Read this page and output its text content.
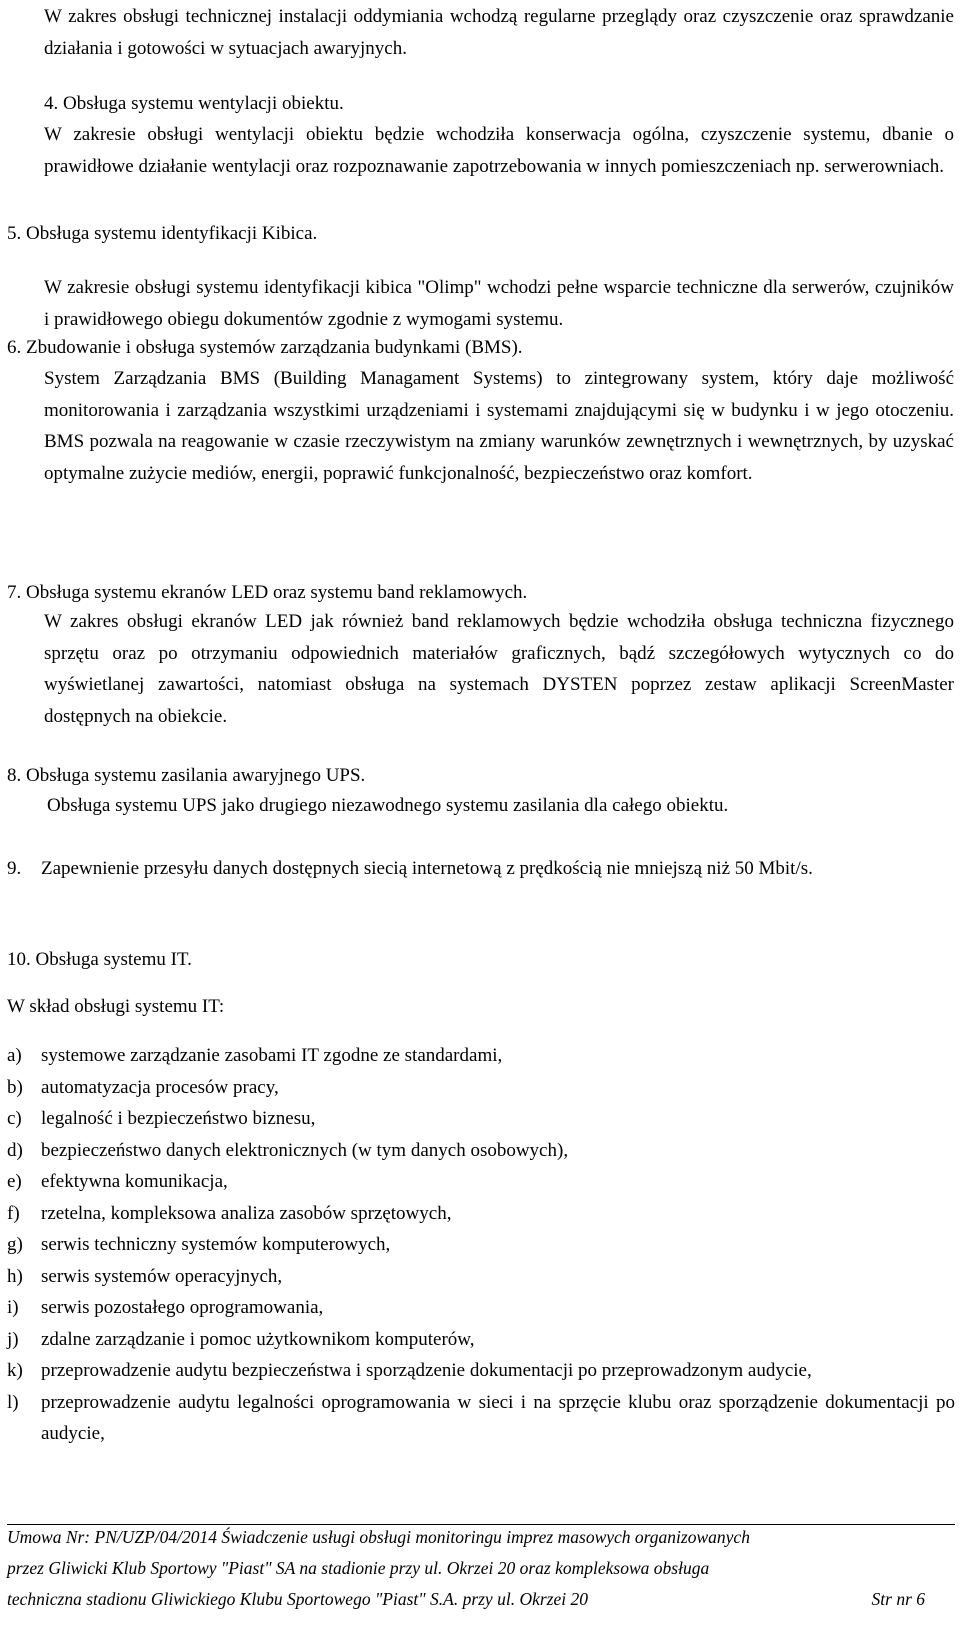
W zakres obsługi technicznej instalacji oddymiania wchodzą regularne przeglądy oraz czyszczenie oraz sprawdzanie działania i gotowości w sytuacjach awaryjnych.
4. Obsługa systemu wentylacji obiektu.
W zakresie obsługi wentylacji obiektu będzie wchodziła konserwacja ogólna, czyszczenie systemu, dbanie o prawidłowe działanie wentylacji oraz rozpoznawanie zapotrzebowania w innych pomieszczeniach np. serwerowniach.
5. Obsługa systemu identyfikacji Kibica.
W zakresie obsługi systemu identyfikacji kibica "Olimp" wchodzi pełne wsparcie techniczne dla serwerów, czujników i prawidłowego obiegu dokumentów zgodnie z wymogami systemu.
6. Zbudowanie i obsługa systemów zarządzania budynkami (BMS).
System Zarządzania BMS (Building Managament Systems) to zintegrowany system, który daje możliwość monitorowania i zarządzania wszystkimi urządzeniami i systemami znajdującymi się w budynku i w jego otoczeniu. BMS pozwala na reagowanie w czasie rzeczywistym na zmiany warunków zewnętrznych i wewnętrznych, by uzyskać optymalne zużycie mediów, energii, poprawić funkcjonalność, bezpieczeństwo oraz komfort.
7. Obsługa systemu ekranów LED oraz systemu band reklamowych.
W zakres obsługi ekranów LED jak również band reklamowych będzie wchodziła obsługa techniczna fizycznego sprzętu oraz po otrzymaniu odpowiednich materiałów graficznych, bądź szczegółowych wytycznych co do wyświetlanej zawartości, natomiast obsługa na systemach DYSTEN poprzez zestaw aplikacji ScreenMaster dostępnych na obiekcie.
8. Obsługa systemu zasilania awaryjnego UPS.
Obsługa systemu UPS jako drugiego niezawodnego systemu zasilania dla całego obiektu.
9.	Zapewnienie przesyłu danych dostępnych siecią internetową z prędkością nie mniejszą niż 50 Mbit/s.
10. Obsługa systemu IT.
W skład obsługi systemu IT:
a)	systemowe zarządzanie zasobami IT zgodne ze standardami,
b) automatyzacja procesów pracy,
c)	legalność i bezpieczeństwo biznesu,
d) bezpieczeństwo danych elektronicznych (w tym danych osobowych),
e)	efektywna komunikacja,
f)	rzetelna, kompleksowa analiza zasobów sprzętowych,
g) serwis techniczny systemów komputerowych,
h) serwis systemów operacyjnych,
i)	serwis pozostałego oprogramowania,
j)	zdalne zarządzanie i pomoc użytkownikom komputerów,
k) przeprowadzenie audytu bezpieczeństwa i sporządzenie dokumentacji po przeprowadzonym audycie,
l)	przeprowadzenie audytu legalności oprogramowania w sieci i na sprzęcie klubu oraz sporządzenie dokumentacji po audycie,
Umowa Nr: PN/UZP/04/2014 Świadczenie usługi obsługi monitoringu imprez masowych organizowanych
przez Gliwicki Klub Sportowy "Piast" SA na stadionie przy ul. Okrzei 20 oraz kompleksowa obsługa
techniczna stadionu Gliwickiego Klubu Sportowego "Piast" S.A. przy ul. Okrzei 20	Str nr 6
